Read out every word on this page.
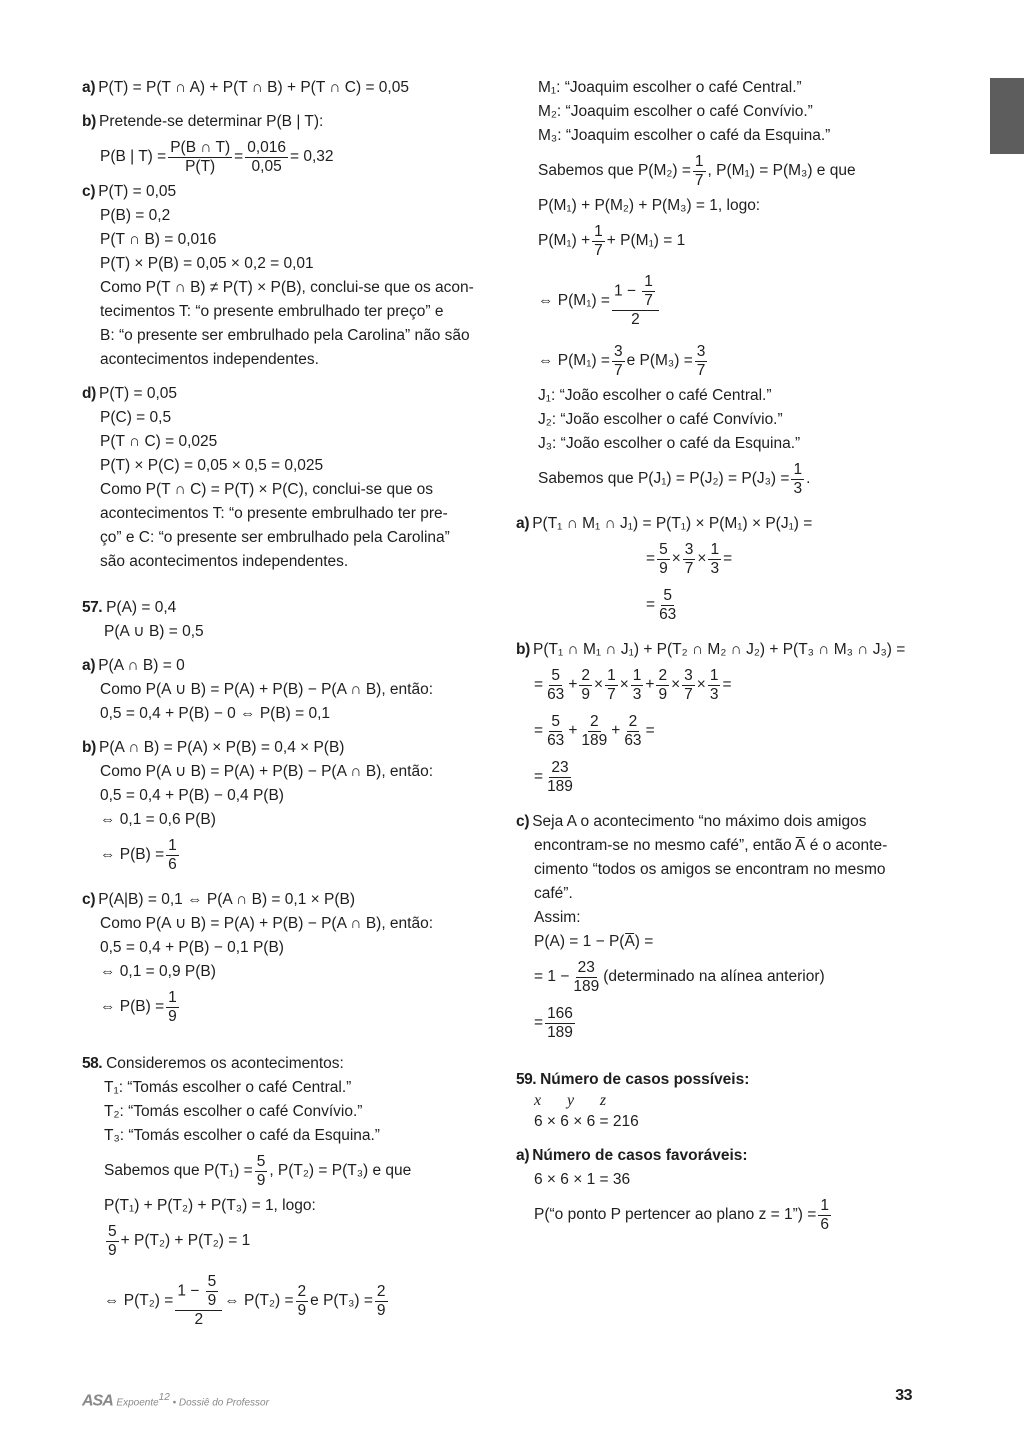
a) P(T) = P(T ∩ A) + P(T ∩ B) + P(T ∩ C) = 0,05
b) Pretende-se determinar P(B | T):
P(B | $T) = \frac{P(B \cap T)}{P(T)} = \frac{0,016}{0,05} = 0,32$
c) P(T) = 0,05
P(B) = 0,2
P(T ∩ B) = 0,016
P(T) × P(B) = 0,05 × 0,2 = 0,01
Como P(T ∩ B) ≠ P(T) × P(B), conclui-se que os acon-
tecimentos T: “o presente embrulhado ter preço” e
B: “o presente ser embrulhado pela Carolina” não são
acontecimentos independentes.
d) P(T) = 0,05
P(C) = 0,5
P(T ∩ C) = 0,025
P(T) × P(C) = 0,05 × 0,5 = 0,025
Como P(T ∩ C) = P(T) × P(C), conclui-se que os
acontecimentos T: “o presente embrulhado ter pre-
ço” e C: “o presente ser embrulhado pela Carolina”
são acontecimentos independentes.
57. P(A) = 0,4
P(A ∪ B) = 0,5
a) P(A ∩ B) = 0
Como P(A ∪ B) = P(A) + P(B) − P(A ∩ B), então:
0,5 = 0,4 + P(B) − 0 ⇔ P(B) = 0,1
b) P(A ∩ B) = P(A) × P(B) = 0,4 × P(B)
Como P(A ∪ B) = P(A) + P(B) − P(A ∩ B), então:
0,5 = 0,4 + P(B) − 0,4 P(B)
⇔ 0,1 = 0,6 P(B)
⇔ $P(B) = \frac{1}{6}$
c) P(A|B) = 0,1 ⇔ P(A ∩ B) = 0,1 × P(B)
Como P(A ∪ B) = P(A) + P(B) − P(A ∩ B), então:
0,5 = 0,4 + P(B) − 0,1 P(B)
⇔ 0,1 = 0,9 P(B)
⇔ $P(B) = \frac{1}{9}$
58. Consideremos os acontecimentos:
T₁: “Tomás escolher o café Central.”
T₂: “Tomás escolher o café Convívio.”
T₃: “Tomás escolher o café da Esquina.”
Sabemos que $P(T_1) = \frac{5}{9}$ , P(T₂) = P(T₃) e que
P(T₁) + P(T₂) + P(T₃) = 1, logo:
$\frac{5}{9} + P(T_2) + P(T_2) = 1$
⇔ $P(T_2) = \frac{1 - \frac{5}{9}}{2}$ ⇔ $P(T_2) = \frac{2}{9}$ e $P(T_3) = \frac{2}{9}$
M₁: “Joaquim escolher o café Central.”
M₂: “Joaquim escolher o café Convívio.”
M₃: “Joaquim escolher o café da Esquina.”
Sabemos que $P(M_2) = \frac{1}{7}$ , P(M₁) = P(M₃) e que
P(M₁) + P(M₂) + P(M₃) = 1, logo:
$P(M_1) + \frac{1}{7} + P(M_1) = 1$
⇔ $P(M_1) = \frac{1 - \frac{1}{7}}{2}$
⇔ $P(M_1) = \frac{3}{7}$ e $P(M_3) = \frac{3}{7}$
J₁: “João escolher o café Central.”
J₂: “João escolher o café Convívio.”
J₃: “João escolher o café da Esquina.”
Sabemos que $P(J_1) = P(J_2) = P(J_3) = \frac{1}{3}$ .
a) P(T₁ ∩ M₁ ∩ J₁) = P(T₁) × P(M₁) × P(J₁) =
= $\frac{5}{9} \times \frac{3}{7} \times \frac{1}{3}$ =
= $\frac{5}{63}$
b) P(T₁ ∩ M₁ ∩ J₁) + P(T₂ ∩ M₂ ∩ J₂) + P(T₃ ∩ M₃ ∩ J₃) =
= $\frac{5}{63} + \frac{2}{9} \times \frac{1}{7} \times \frac{1}{3} + \frac{2}{9} \times \frac{3}{7} \times \frac{1}{3}$ =
= $\frac{5}{63} + \frac{2}{189} + \frac{2}{63}$ =
= $\frac{23}{189}$
c) Seja A o acontecimento “no máximo dois amigos
encontram-se no mesmo café”, então A̅ é o aconte-
cimento “todos os amigos se encontram no mesmo
café”.
Assim:
P(A) = 1 − P(A̅) =
= $1 - \frac{23}{189}$ (determinado na alínea anterior)
= $\frac{166}{189}$
59. Número de casos possíveis:
x y z
6 × 6 × 6 = 216
a) Número de casos favoráveis:
6 × 6 × 1 = 36
P(“o ponto P pertencer ao plano z = 1”) = $\frac{1}{6}$
ASA Expoente$^{12}$ • Dossiê do Professor	33
